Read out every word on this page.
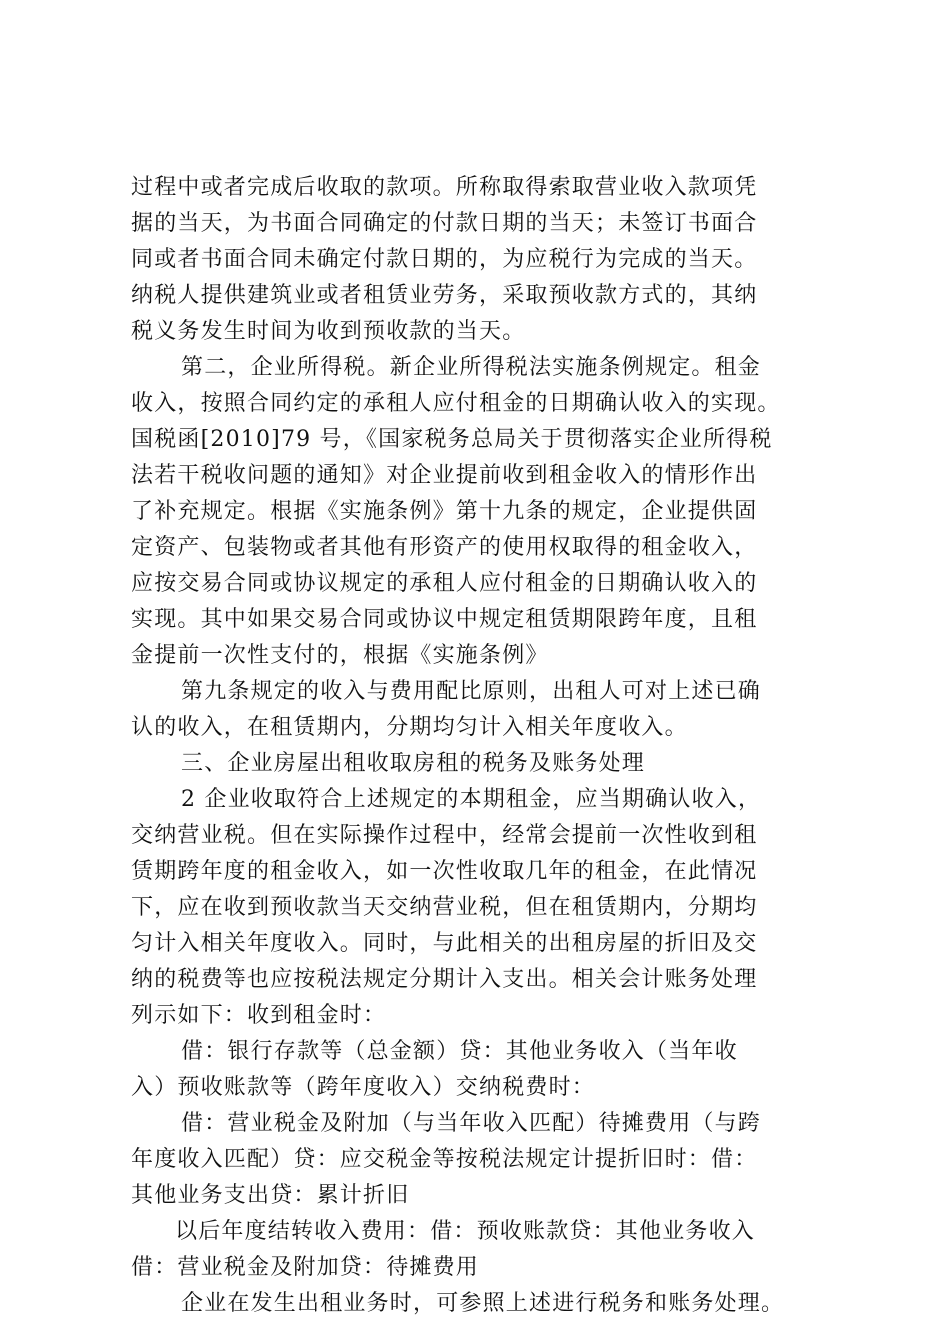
过程中或者完成后收取的款项。所称取得索取营业收入款项凭
据的当天，为书面合同确定的付款日期的当天；未签订书面合
同或者书面合同未确定付款日期的，为应税行为完成的当天。
纳税人提供建筑业或者租赁业劳务，采取预收款方式的，其纳
税义务发生时间为收到预收款的当天。
第二，企业所得税。新企业所得税法实施条例规定。租金
收入，按照合同约定的承租人应付租金的日期确认收入的实现。
国税函[2010]79 号，《国家税务总局关于贯彻落实企业所得税
法若干税收问题的通知》对企业提前收到租金收入的情形作出
了补充规定。根据《实施条例》第十九条的规定，企业提供固
定资产、包装物或者其他有形资产的使用权取得的租金收入，
应按交易合同或协议规定的承租人应付租金的日期确认收入的
实现。其中如果交易合同或协议中规定租赁期限跨年度，且租
金提前一次性支付的，根据《实施条例》
第九条规定的收入与费用配比原则，出租人可对上述已确
认的收入，在租赁期内，分期均匀计入相关年度收入。
三、企业房屋出租收取房租的税务及账务处理
2 企业收取符合上述规定的本期租金，应当期确认收入，
交纳营业税。但在实际操作过程中，经常会提前一次性收到租
赁期跨年度的租金收入，如一次性收取几年的租金，在此情况
下，应在收到预收款当天交纳营业税，但在租赁期内，分期均
匀计入相关年度收入。同时，与此相关的出租房屋的折旧及交
纳的税费等也应按税法规定分期计入支出。相关会计账务处理
列示如下：收到租金时：
借：银行存款等（总金额）贷：其他业务收入（当年收
入）预收账款等（跨年度收入）交纳税费时：
借：营业税金及附加（与当年收入匹配）待摊费用（与跨
年度收入匹配）贷：应交税金等按税法规定计提折旧时：借：
其他业务支出贷：累计折旧
以后年度结转收入费用：借：预收账款贷：其他业务收入
借：营业税金及附加贷：待摊费用
企业在发生出租业务时，可参照上述进行税务和账务处理。
